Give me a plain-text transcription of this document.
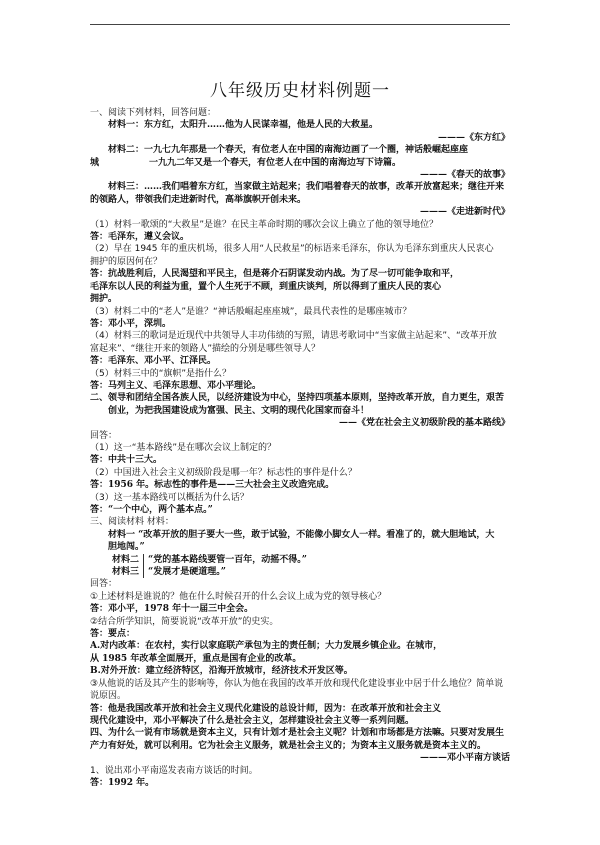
八年级历史材料例题一
一、阅读下列材料，回答问题：
材料一：东方红，太阳升……他为人民谋幸福，他是人民的大救星。
———《东方红》
材料二：一九七九年那是一个春天，有位老人在中国的南海边画了一个圈，神话般崛起座座
城	一九九二年又是一个春天，有位老人在中国的南海边写下诗篇。
———《春天的故事》
材料三：……我们唱着东方红，当家做主站起来；我们唱着春天的故事，改革开放富起来；继往开来
的领路人，带领我们走进新时代，高举旗帜开创未来。
———《走进新时代》
（1）材料一歌颂的“大救星”是谁？在民主革命时期的哪次会议上确立了他的领导地位？
答：毛泽东，遵义会议。
（2）早在 1945 年的重庆机场，很多人用“人民救星”的标语来毛泽东，你认为毛泽东到重庆人民衷心
拥护的原因何在？
答：抗战胜利后，人民渴望和平民主，但是蒋介石阴谋发动内战。为了尽一切可能争取和平，
毛泽东以人民的利益为重，置个人生死于不顾，到重庆谈判，所以得到了重庆人民的衷心
拥护。
（3）材料二中的“老人”是谁？“神话般崛起座座城”，最具代表性的是哪座城市？
答：邓小平，深圳。
（4）材料三的歌词是近现代中共领导人丰功伟绩的写照，请思考歌词中“当家做主站起来”、“改革开放
富起来”、“继往开来的领路人”描绘的分别是哪些领导人？
答：毛泽东、邓小平、江泽民。
（5）材料三中的“旗帜”是指什么？
答：马列主义、毛泽东思想、邓小平理论。
二、领导和团结全国各族人民，以经济建设为中心，坚持四项基本原则，坚持改革开放，自力更生，艰苦
创业，为把我国建设成为富强、民主、文明的现代化国家而奋斗！
——《党在社会主义初级阶段的基本路线》
回答：
（1）这一“基本路线”是在哪次会议上制定的？
答：中共十三大。
（2）中国进入社会主义初级阶段是哪一年？标志性的事件是什么？
答：1956 年。标志性的事件是——三大社会主义改造完成。
（3）这一基本路线可以概括为什么话？
答：“一个中心，两个基本点。”
三、阅读材料 材料：
材料一 “改革开放的胆子要大一些，敢于试验，不能像小脚女人一样。看准了的，就大胆地试，大
胆地闯。”
材料二	“党的基本路线要管一百年，动摇不得。”
材料三	“发展才是硬道理。”
回答：
①上述材料是谁说的？他在什么时候召开的什么会议上成为党的领导核心？
答：邓小平，1978 年十一届三中全会。
②结合所学知识，简要说说“改革开放”的史实。
答：要点：
A.对内改革：在农村，实行以家庭联产承包为主的责任制；大力发展乡镇企业。在城市，
从 1985 年改革全面展开，重点是国有企业的改革。
B.对外开放：建立经济特区，沿海开放城市，经济技术开发区等。
③从他说的话及其产生的影响等，你认为他在我国的改革开放和现代化建设事业中居于什么地位？简单说
说原因。
答：他是我国改革开放和社会主义现代化建设的总设计师，因为：在改革开放和社会主义
现代化建设中，邓小平解决了什么是社会主义，怎样建设社会主义等一系列问题。
四、为什么一说有市场就是资本主义，只有计划才是社会主义呢？计划和市场都是方法嘛。只要对发展生
产力有好处，就可以利用。它为社会主义服务，就是社会主义的；为资本主义服务就是资本主义的。
———邓小平南方谈话
1、说出邓小平南巡发表南方谈话的时间。
答：1992 年。
